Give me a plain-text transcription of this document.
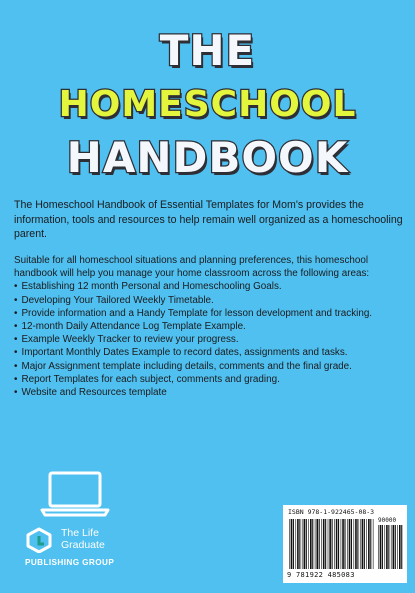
THE
HOMESCHOOL
HANDBOOK
The Homeschool Handbook of Essential Templates for Mom's provides the information, tools and resources to help remain well organized as a homeschooling parent.
Suitable for all homeschool situations and planning preferences, this homeschool handbook will help you manage your home classroom across the following areas:
• Establishing 12 month Personal and Homeschooling Goals.
• Developing Your Tailored Weekly Timetable.
• Provide information and a Handy Template for lesson development and tracking.
• 12-month Daily Attendance Log Template Example.
• Example Weekly Tracker to review your progress.
• Important Monthly Dates Example to record dates, assignments and tasks.
• Major Assignment template including details, comments and the final grade.
• Report Templates for each subject, comments and grading.
• Website and Resources template
The Life
Graduate
PUBLISHING GROUP
ISBN 978-1-922465-08-3
90000
9 781922 485083
